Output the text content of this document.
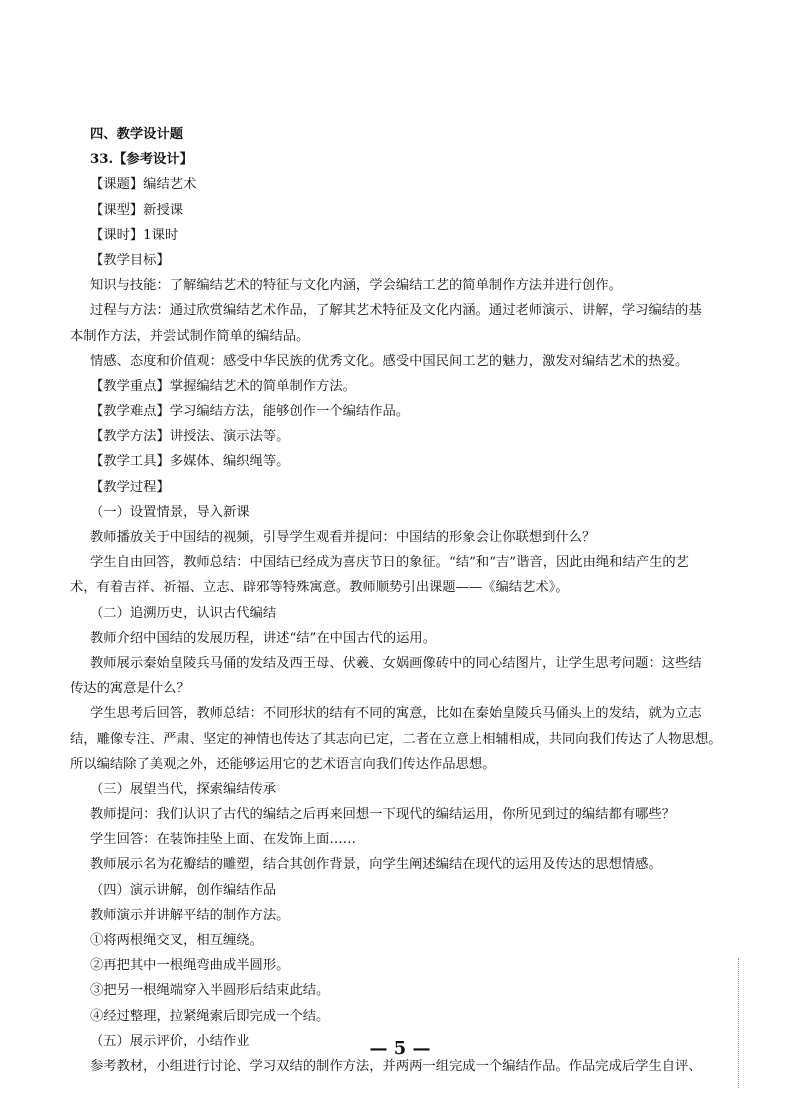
四、教学设计题

33.【参考设计】

【课题】编结艺术

【课型】新授课

【课时】1课时

【教学目标】

知识与技能：了解编结艺术的特征与文化内涵，学会编结工艺的简单制作方法并进行创作。

过程与方法：通过欣赏编结艺术作品，了解其艺术特征及文化内涵。通过老师演示、讲解，学习编结的基

本制作方法，并尝试制作简单的编结品。

情感、态度和价值观：感受中华民族的优秀文化。感受中国民间工艺的魅力，激发对编结艺术的热爱。

【教学重点】掌握编结艺术的简单制作方法。

【教学难点】学习编结方法，能够创作一个编结作品。

【教学方法】讲授法、演示法等。

【教学工具】多媒体、编织绳等。

【教学过程】

（一）设置情景，导入新课

教师播放关于中国结的视频，引导学生观看并提问：中国结的形象会让你联想到什么？

学生自由回答，教师总结：中国结已经成为喜庆节日的象征。“结”和“吉”谐音，因此由绳和结产生的艺

术，有着吉祥、祈福、立志、辟邪等特殊寓意。教师顺势引出课题——《编结艺术》。

（二）追溯历史，认识古代编结

教师介绍中国结的发展历程，讲述“结”在中国古代的运用。

教师展示秦始皇陵兵马俑的发结及西王母、伏羲、女娲画像砖中的同心结图片，让学生思考问题：这些结

传达的寓意是什么？

学生思考后回答，教师总结：不同形状的结有不同的寓意，比如在秦始皇陵兵马俑头上的发结，就为立志

结，雕像专注、严肃、坚定的神情也传达了其志向已定，二者在立意上相辅相成，共同向我们传达了人物思想。

所以编结除了美观之外，还能够运用它的艺术语言向我们传达作品思想。

（三）展望当代，探索编结传承

教师提问：我们认识了古代的编结之后再来回想一下现代的编结运用，你所见到过的编结都有哪些？

学生回答：在装饰挂坠上面、在发饰上面……

教师展示名为花瓣结的雕塑，结合其创作背景，向学生阐述编结在现代的运用及传达的思想情感。

（四）演示讲解，创作编结作品

教师演示并讲解平结的制作方法。

①将两根绳交叉，相互缠绕。

②再把其中一根绳弯曲成半圆形。

③把另一根绳端穿入半圆形后结束此结。

④经过整理，拉紧绳索后即完成一个结。

（五）展示评价，小结作业

参考教材，小组进行讨论、学习双结的制作方法，并两两一组完成一个编结作品。作品完成后学生自评、

— 5 —
